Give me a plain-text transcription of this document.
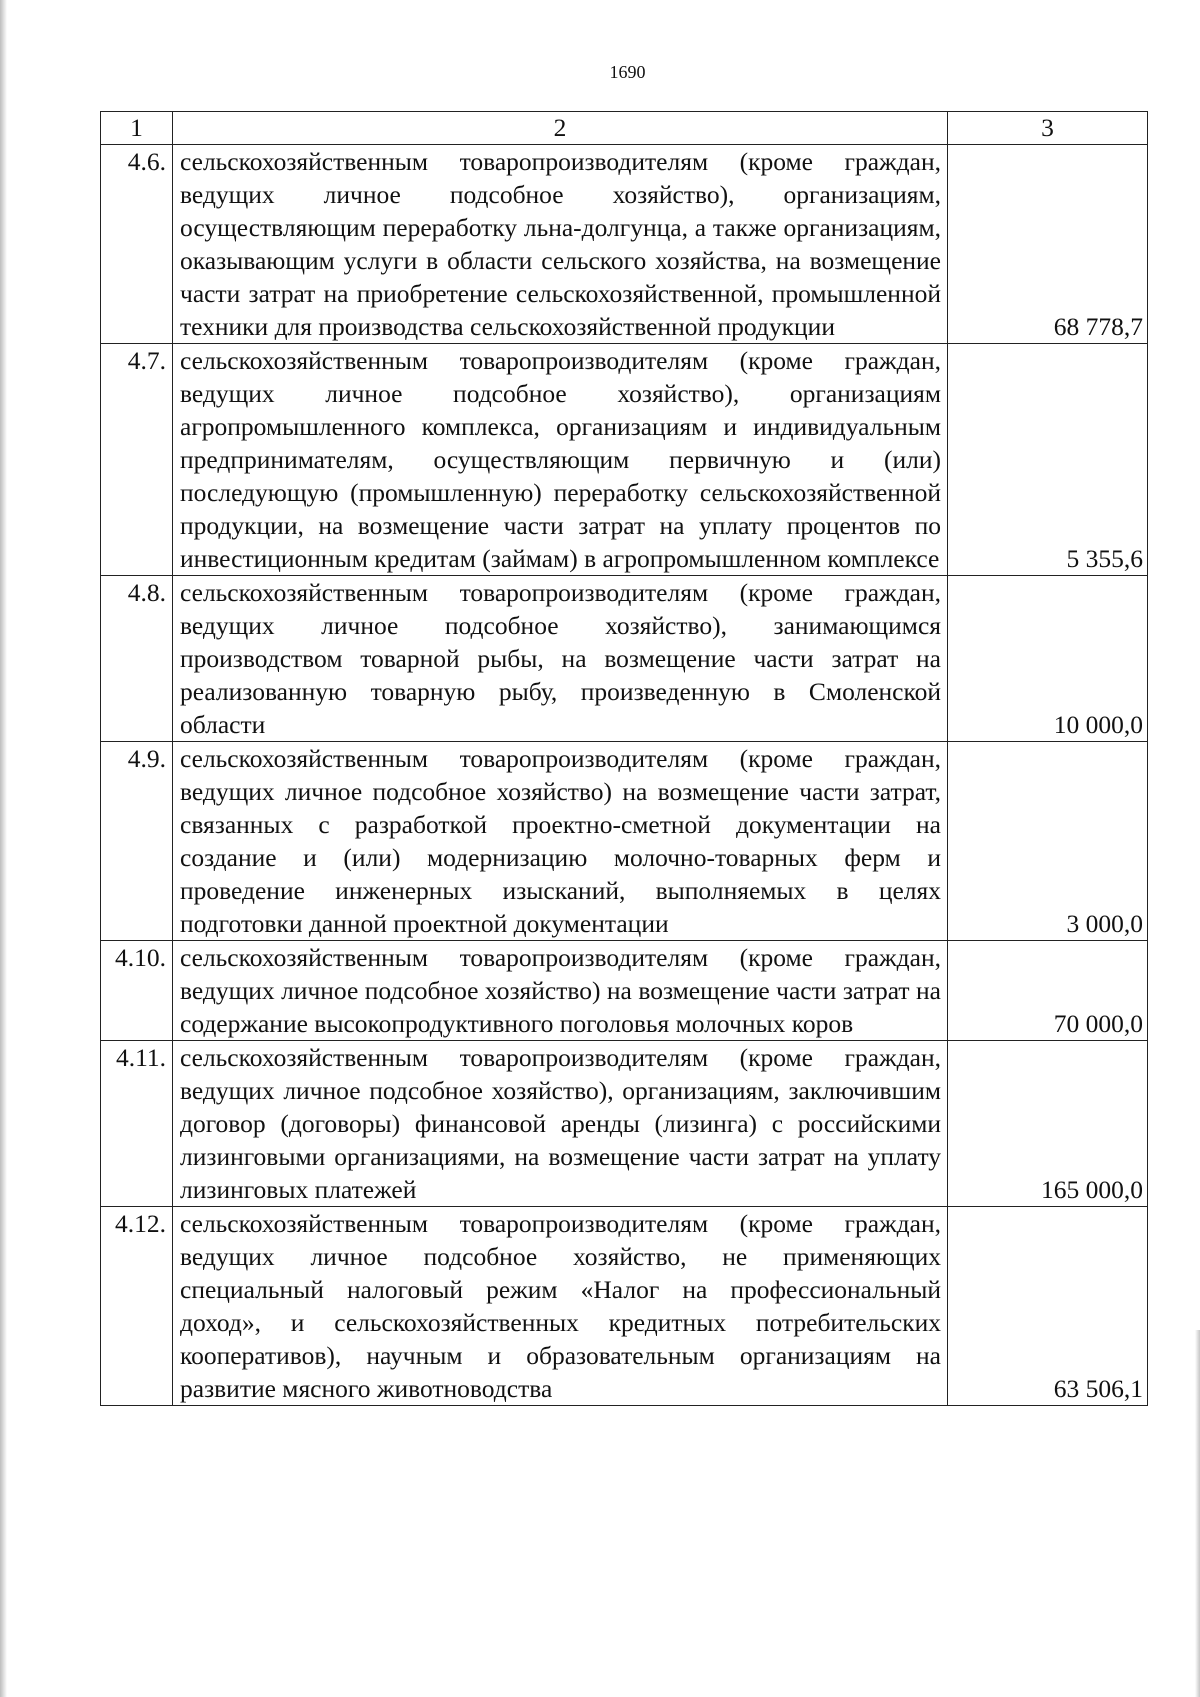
1690
1	2	3
4.6.	сельскохозяйственным товаропроизводителям (кроме граждан, ведущих личное подсобное хозяйство), организациям, осуществляющим переработку льна-долгунца, а также организациям, оказывающим услуги в области сельского хозяйства, на возмещение части затрат на приобретение сельскохозяйственной, промышленной техники для производства сельскохозяйственной продукции	68 778,7
4.7.	сельскохозяйственным товаропроизводителям (кроме граждан, ведущих личное подсобное хозяйство), организациям агропромышленного комплекса, организациям и индивидуальным предпринимателям, осуществляющим первичную и (или) последующую (промышленную) переработку сельскохозяйственной продукции, на возмещение части затрат на уплату процентов по инвестиционным кредитам (займам) в агропромышленном комплексе	5 355,6
4.8.	сельскохозяйственным товаропроизводителям (кроме граждан, ведущих личное подсобное хозяйство), занимающимся производством товарной рыбы, на возмещение части затрат на реализованную товарную рыбу, произведенную в Смоленской области	10 000,0
4.9.	сельскохозяйственным товаропроизводителям (кроме граждан, ведущих личное подсобное хозяйство) на возмещение части затрат, связанных с разработкой проектно-сметной документации на создание и (или) модернизацию молочно-товарных ферм и проведение инженерных изысканий, выполняемых в целях подготовки данной проектной документации	3 000,0
4.10.	сельскохозяйственным товаропроизводителям (кроме граждан, ведущих личное подсобное хозяйство) на возмещение части затрат на содержание высокопродуктивного поголовья молочных коров	70 000,0
4.11.	сельскохозяйственным товаропроизводителям (кроме граждан, ведущих личное подсобное хозяйство), организациям, заключившим договор (договоры) финансовой аренды (лизинга) с российскими лизинговыми организациями, на возмещение части затрат на уплату лизинговых платежей	165 000,0
4.12.	сельскохозяйственным товаропроизводителям (кроме граждан, ведущих личное подсобное хозяйство, не применяющих специальный налоговый режим «Налог на профессиональный доход», и сельскохозяйственных кредитных потребительских кооперативов), научным и образовательным организациям на развитие мясного животноводства	63 506,1
